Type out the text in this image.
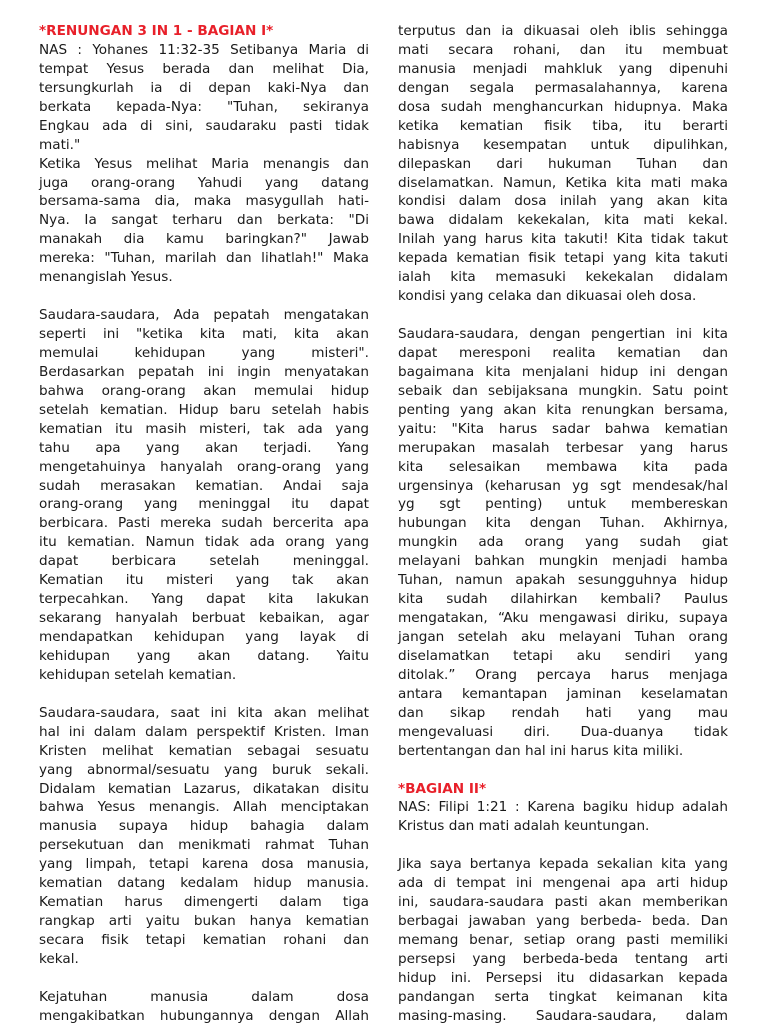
*RENUNGAN 3 IN 1 - BAGIAN I*
NAS : Yohanes 11:32-35 Setibanya Maria di
tempat Yesus berada dan melihat Dia,
tersungkurlah ia di depan kaki-Nya dan
berkata kepada-Nya: "Tuhan, sekiranya
Engkau ada di sini, saudaraku pasti tidak
mati."
Ketika Yesus melihat Maria menangis dan
juga orang-orang Yahudi yang datang
bersama-sama dia, maka masygullah hati-
Nya. Ia sangat terharu dan berkata: "Di
manakah dia kamu baringkan?" Jawab
mereka: "Tuhan, marilah dan lihatlah!" Maka
menangislah Yesus.
Saudara-saudara, Ada pepatah mengatakan
seperti ini "ketika kita mati, kita akan
memulai kehidupan yang misteri".
Berdasarkan pepatah ini ingin menyatakan
bahwa orang-orang akan memulai hidup
setelah kematian. Hidup baru setelah habis
kematian itu masih misteri, tak ada yang
tahu apa yang akan terjadi. Yang
mengetahuinya hanyalah orang-orang yang
sudah merasakan kematian. Andai saja
orang-orang yang meninggal itu dapat
berbicara. Pasti mereka sudah bercerita apa
itu kematian. Namun tidak ada orang yang
dapat berbicara setelah meninggal.
Kematian itu misteri yang tak akan
terpecahkan. Yang dapat kita lakukan
sekarang hanyalah berbuat kebaikan, agar
mendapatkan kehidupan yang layak di
kehidupan yang akan datang. Yaitu
kehidupan setelah kematian.
Saudara-saudara, saat ini kita akan melihat
hal ini dalam dalam perspektif Kristen. Iman
Kristen melihat kematian sebagai sesuatu
yang abnormal/sesuatu yang buruk sekali.
Didalam kematian Lazarus, dikatakan disitu
bahwa Yesus menangis. Allah menciptakan
manusia supaya hidup bahagia dalam
persekutuan dan menikmati rahmat Tuhan
yang limpah, tetapi karena dosa manusia,
kematian datang kedalam hidup manusia.
Kematian harus dimengerti dalam tiga
rangkap arti yaitu bukan hanya kematian
secara fisik tetapi kematian rohani dan
kekal.
Kejatuhan manusia dalam dosa
mengakibatkan hubungannya dengan Allah
terputus dan ia dikuasai oleh iblis sehingga
mati secara rohani, dan itu membuat
manusia menjadi mahkluk yang dipenuhi
dengan segala permasalahannya, karena
dosa sudah menghancurkan hidupnya. Maka
ketika kematian fisik tiba, itu berarti
habisnya kesempatan untuk dipulihkan,
dilepaskan dari hukuman Tuhan dan
diselamatkan. Namun, Ketika kita mati maka
kondisi dalam dosa inilah yang akan kita
bawa didalam kekekalan, kita mati kekal.
Inilah yang harus kita takuti! Kita tidak takut
kepada kematian fisik tetapi yang kita takuti
ialah kita memasuki kekekalan didalam
kondisi yang celaka dan dikuasai oleh dosa.
Saudara-saudara, dengan pengertian ini kita
dapat meresponi realita kematian dan
bagaimana kita menjalani hidup ini dengan
sebaik dan sebijaksana mungkin. Satu point
penting yang akan kita renungkan bersama,
yaitu: "Kita harus sadar bahwa kematian
merupakan masalah terbesar yang harus
kita selesaikan membawa kita pada
urgensinya (keharusan yg sgt mendesak/hal
yg sgt penting) untuk membereskan
hubungan kita dengan Tuhan. Akhirnya,
mungkin ada orang yang sudah giat
melayani bahkan mungkin menjadi hamba
Tuhan, namun apakah sesungguhnya hidup
kita sudah dilahirkan kembali? Paulus
mengatakan, “Aku mengawasi diriku, supaya
jangan setelah aku melayani Tuhan orang
diselamatkan tetapi aku sendiri yang
ditolak.” Orang percaya harus menjaga
antara kemantapan jaminan keselamatan
dan sikap rendah hati yang mau
mengevaluasi diri. Dua-duanya tidak
bertentangan dan hal ini harus kita miliki.
*BAGIAN II*
NAS: Filipi 1:21 : Karena bagiku hidup adalah
Kristus dan mati adalah keuntungan.
Jika saya bertanya kepada sekalian kita yang
ada di tempat ini mengenai apa arti hidup
ini, saudara-saudara pasti akan memberikan
berbagai jawaban yang berbeda- beda. Dan
memang benar, setiap orang pasti memiliki
persepsi yang berbeda-beda tentang arti
hidup ini. Persepsi itu didasarkan kepada
pandangan serta tingkat keimanan kita
masing-masing. Saudara-saudara, dalam
